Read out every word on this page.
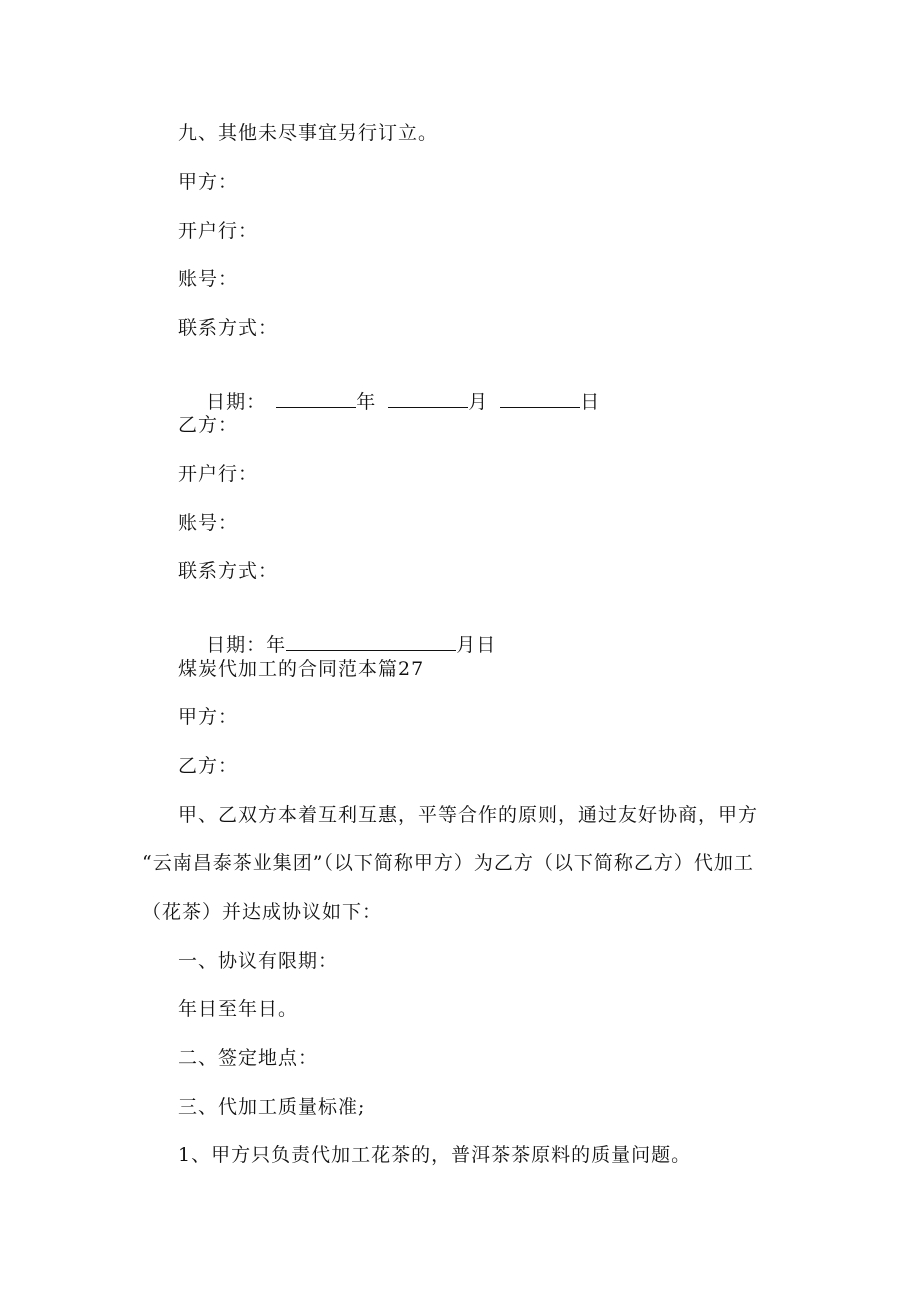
九、其他未尽事宜另行订立。
甲方：
开户行：
账号：
联系方式：

日期：	年	月	日

乙方：
开户行：
账号：
联系方式：

日期：年	月日

煤炭代加工的合同范本篇27
甲方：
乙方：
甲、乙双方本着互利互惠，平等合作的原则，通过友好协商，甲方
“云南昌泰茶业集团”（以下简称甲方）为乙方（以下简称乙方）代加工
（花茶）并达成协议如下：
一、协议有限期：
年日至年日。
二、签定地点：
三、代加工质量标准;
1、甲方只负责代加工花茶的，普洱茶茶原料的质量问题。
